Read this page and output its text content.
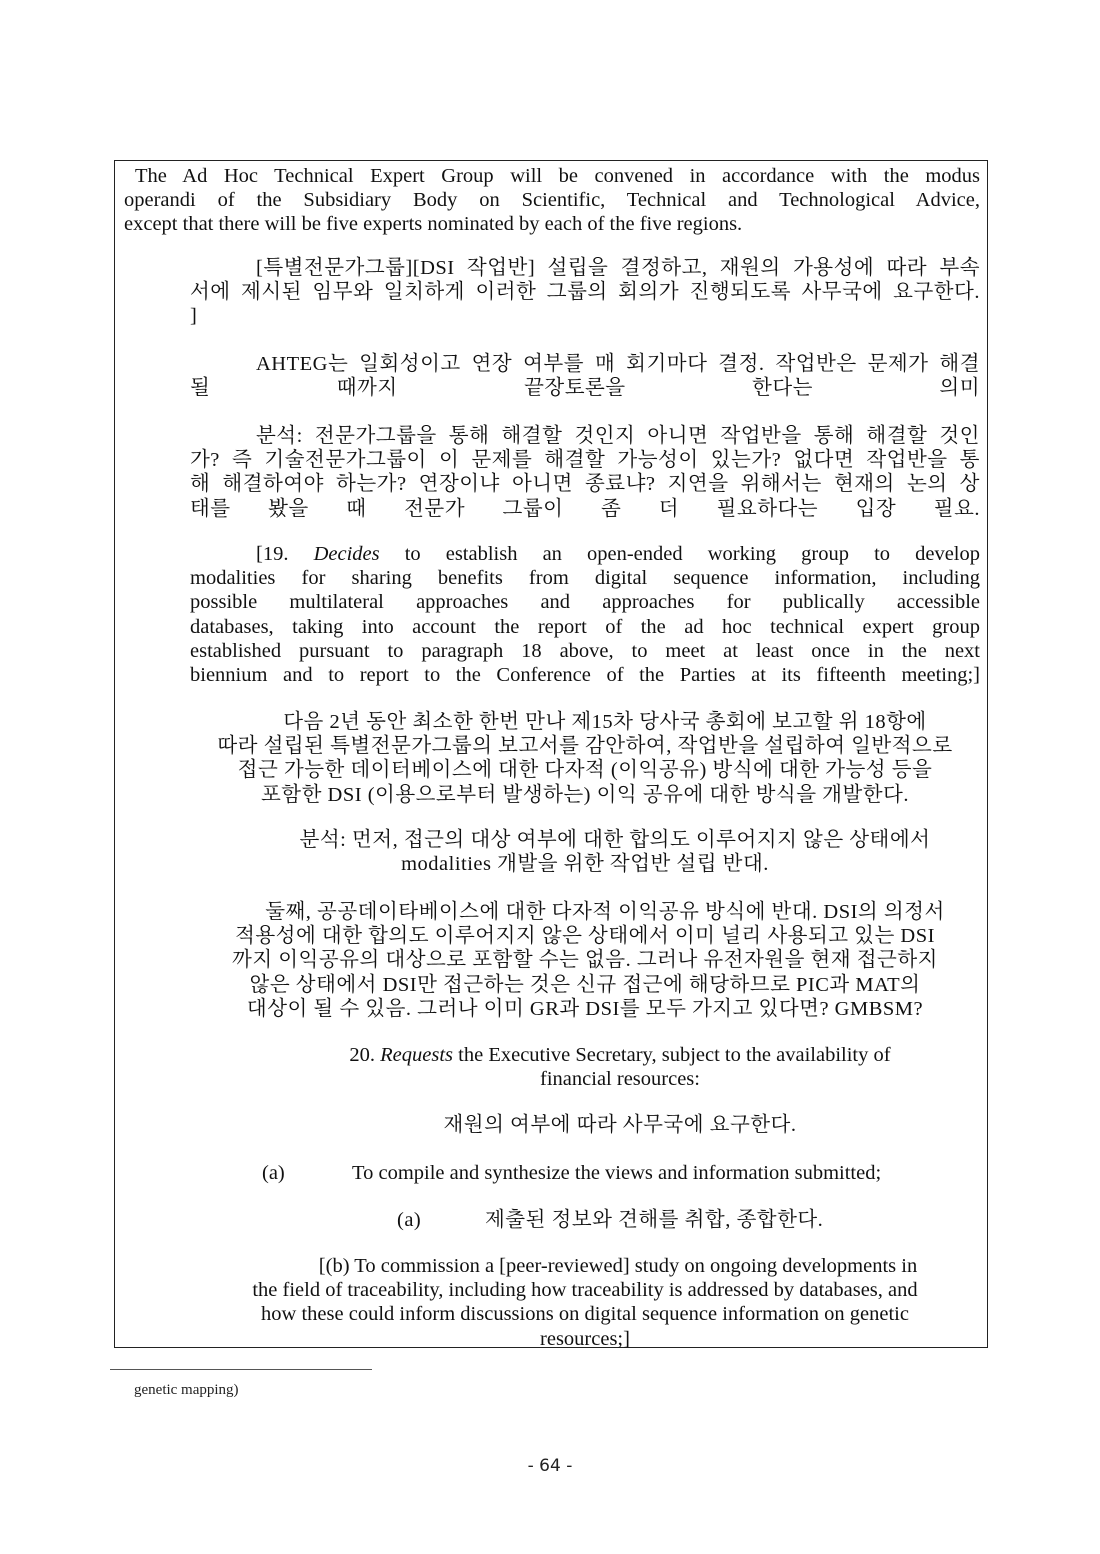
The Ad Hoc Technical Expert Group will be convened in accordance with the modus
operandi of the Subsidiary Body on Scientific, Technical and Technological Advice,
except that there will be five experts nominated by each of the five regions.
[특별전문가그룹][DSI 작업반] 설립을 결정하고, 재원의 가용성에 따라 부속
서에 제시된 임무와 일치하게 이러한 그룹의 회의가 진행되도록 사무국에 요구한다.
]
AHTEG는 일회성이고 연장 여부를 매 회기마다 결정. 작업반은 문제가 해결
될 때까지 끝장토론을 한다는 의미
분석: 전문가그룹을 통해 해결할 것인지 아니면 작업반을 통해 해결할 것인
가? 즉 기술전문가그룹이 이 문제를 해결할 가능성이 있는가? 없다면 작업반을 통
해 해결하여야 하는가? 연장이냐 아니면 종료냐? 지연을 위해서는 현재의 논의 상
태를 봤을 때 전문가 그룹이 좀 더 필요하다는 입장 필요.
[19. Decides to establish an open-ended working group to develop
modalities for sharing benefits from digital sequence information, including
possible multilateral approaches and approaches for publically accessible
databases, taking into account the report of the ad hoc technical expert group
established pursuant to paragraph 18 above, to meet at least once in the next
biennium and to report to the Conference of the Parties at its fifteenth meeting;]
다음 2년 동안 최소한 한번 만나 제15차 당사국 총회에 보고할 위 18항에
따라 설립된 특별전문가그룹의 보고서를 감안하여, 작업반을 설립하여 일반적으로
접근 가능한 데이터베이스에 대한 다자적 (이익공유) 방식에 대한 가능성 등을
포함한 DSI (이용으로부터 발생하는) 이익 공유에 대한 방식을 개발한다.
분석: 먼저, 접근의 대상 여부에 대한 합의도 이루어지지 않은 상태에서
modalities 개발을 위한 작업반 설립 반대.
둘째, 공공데이타베이스에 대한 다자적 이익공유 방식에 반대. DSI의 의정서
적용성에 대한 합의도 이루어지지 않은 상태에서 이미 널리 사용되고 있는 DSI
까지 이익공유의 대상으로 포함할 수는 없음. 그러나 유전자원을 현재 접근하지
않은 상태에서 DSI만 접근하는 것은 신규 접근에 해당하므로 PIC과 MAT의
대상이 될 수 있음. 그러나 이미 GR과 DSI를 모두 가지고 있다면? GMBSM?
20. Requests the Executive Secretary, subject to the availability of
financial resources:
재원의 여부에 따라 사무국에 요구한다.
(a)	To compile and synthesize the views and information submitted;
(a)	제출된 정보와 견해를 취합, 종합한다.
[(b) To commission a [peer-reviewed] study on ongoing developments in
the field of traceability, including how traceability is addressed by databases, and
how these could inform discussions on digital sequence information on genetic
resources;]
genetic mapping)
- 64 -
